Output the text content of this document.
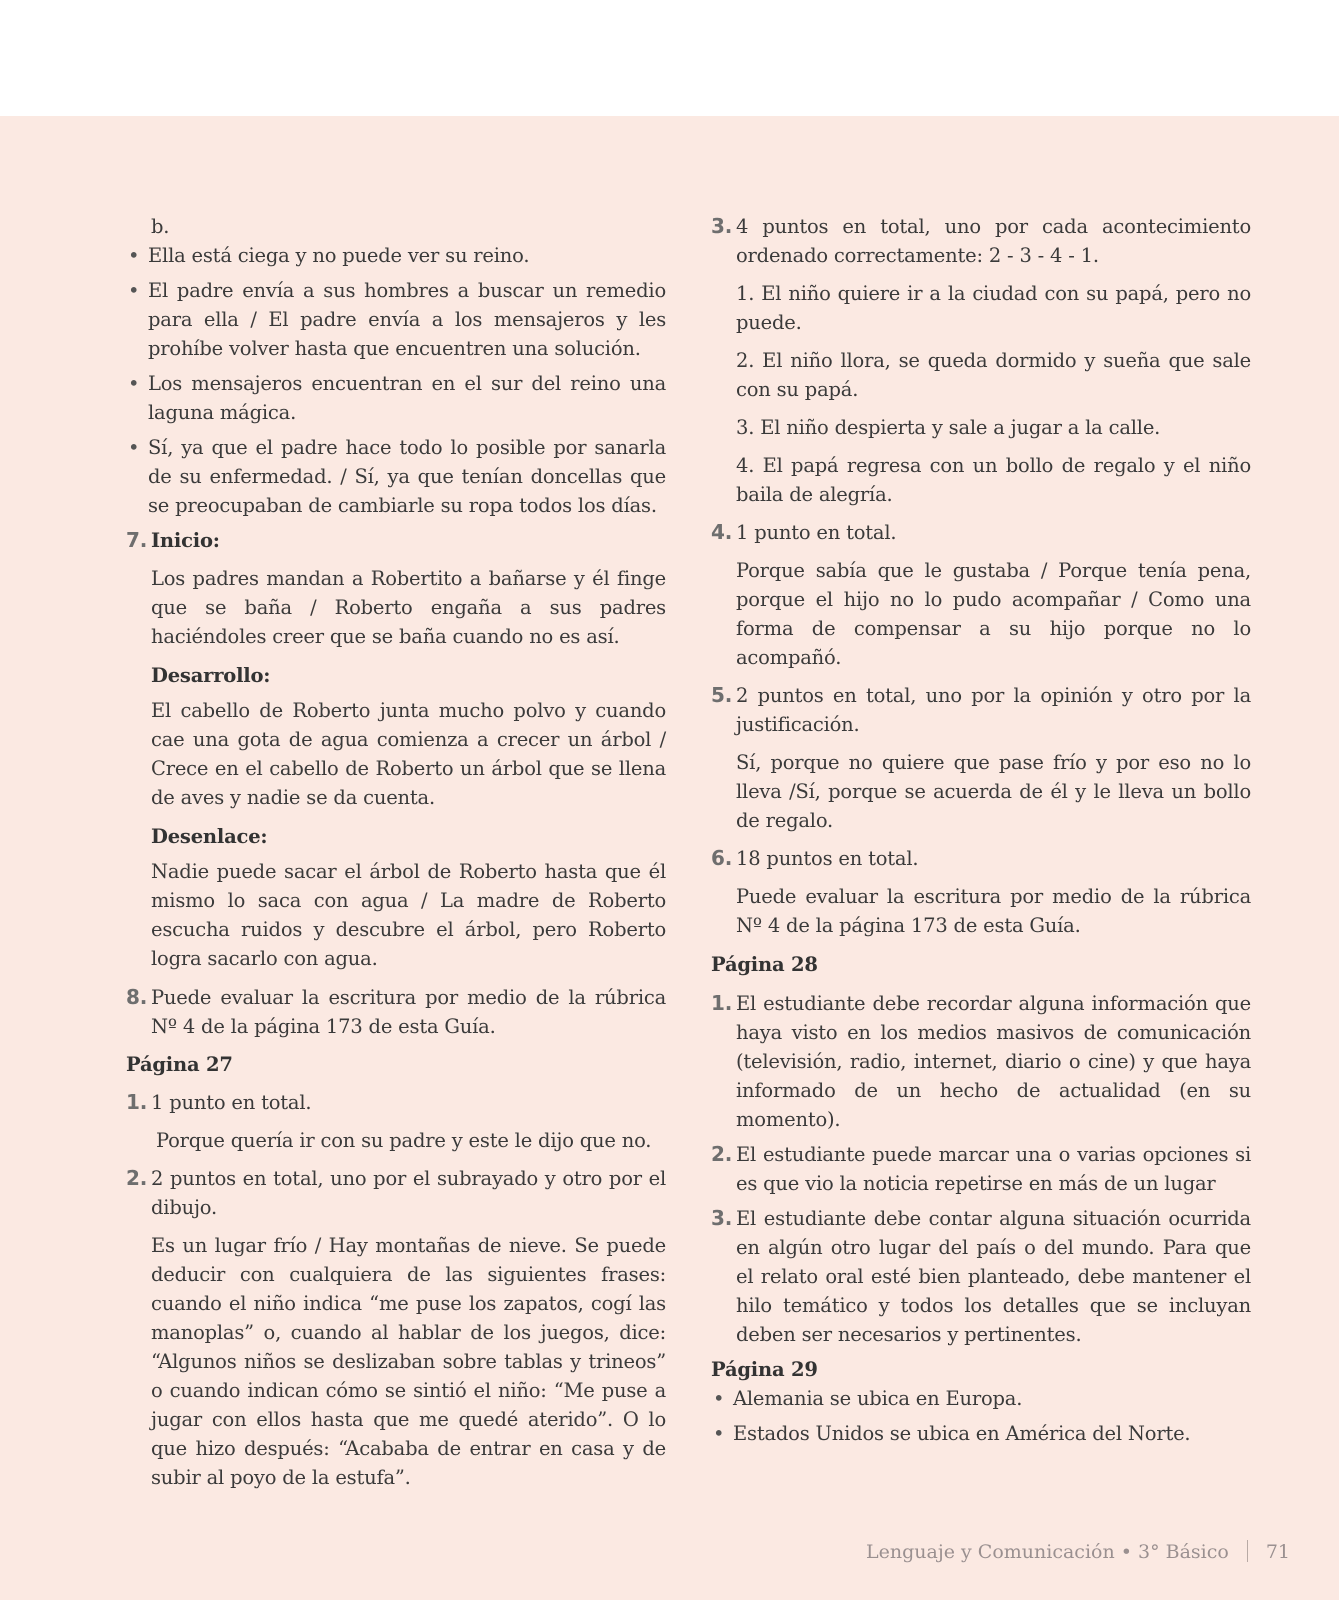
b.

• Ella está ciega y no puede ver su reino.
• El padre envía a sus hombres a buscar un remedio para ella / El padre envía a los mensajeros y les prohíbe volver hasta que encuentren una solución.
• Los mensajeros encuentran en el sur del reino una laguna mágica.
• Sí, ya que el padre hace todo lo posible por sanarla de su enfermedad. / Sí, ya que tenían doncellas que se preocupaban de cambiarle su ropa todos los días.
7. Inicio:

Los padres mandan a Robertito a bañarse y él finge que se baña / Roberto engaña a sus padres haciéndoles creer que se baña cuando no es así.

Desarrollo:

El cabello de Roberto junta mucho polvo y cuando cae una gota de agua comienza a crecer un árbol / Crece en el cabello de Roberto un árbol que se llena de aves y nadie se da cuenta.

Desenlace:

Nadie puede sacar el árbol de Roberto hasta que él mismo lo saca con agua / La madre de Roberto escucha ruidos y descubre el árbol, pero Roberto logra sacarlo con agua.

8. Puede evaluar la escritura por medio de la rúbrica Nº 4 de la página 173 de esta Guía.

Página 27

1. 1 punto en total.

Porque quería ir con su padre y este le dijo que no.

2. 2 puntos en total, uno por el subrayado y otro por el dibujo.

Es un lugar frío / Hay montañas de nieve. Se puede deducir con cualquiera de las siguientes frases: cuando el niño indica “me puse los zapatos, cogí las manoplas” o, cuando al hablar de los juegos, dice: “Algunos niños se deslizaban sobre tablas y trineos” o cuando indican cómo se sintió el niño: “Me puse a jugar con ellos hasta que me quedé aterido”. O lo que hizo después: “Acababa de entrar en casa y de subir al poyo de la estufa”.

3. 4 puntos en total, uno por cada acontecimiento ordenado correctamente: 2 - 3 - 4 - 1.

1. El niño quiere ir a la ciudad con su papá, pero no puede.

2. El niño llora, se queda dormido y sueña que sale con su papá.

3. El niño despierta y sale a jugar a la calle.

4. El papá regresa con un bollo de regalo y el niño baila de alegría.

4. 1 punto en total.

Porque sabía que le gustaba / Porque tenía pena, porque el hijo no lo pudo acompañar / Como una forma de compensar a su hijo porque no lo acompañó.

5. 2 puntos en total, uno por la opinión y otro por la justificación.

Sí, porque no quiere que pase frío y por eso no lo lleva /Sí, porque se acuerda de él y le lleva un bollo de regalo.

6. 18 puntos en total.

Puede evaluar la escritura por medio de la rúbrica Nº 4 de la página 173 de esta Guía.

Página 28

1. El estudiante debe recordar alguna información que haya visto en los medios masivos de comunicación (televisión, radio, internet, diario o cine) y que haya informado de un hecho de actualidad (en su momento).

2. El estudiante puede marcar una o varias opciones si es que vio la noticia repetirse en más de un lugar

3. El estudiante debe contar alguna situación ocurrida en algún otro lugar del país o del mundo. Para que el relato oral esté bien planteado, debe mantener el hilo temático y todos los detalles que se incluyan deben ser necesarios y pertinentes.

Página 29

• Alemania se ubica en Europa.
• Estados Unidos se ubica en América del Norte.
Lenguaje y Comunicación • 3° Básico 71
